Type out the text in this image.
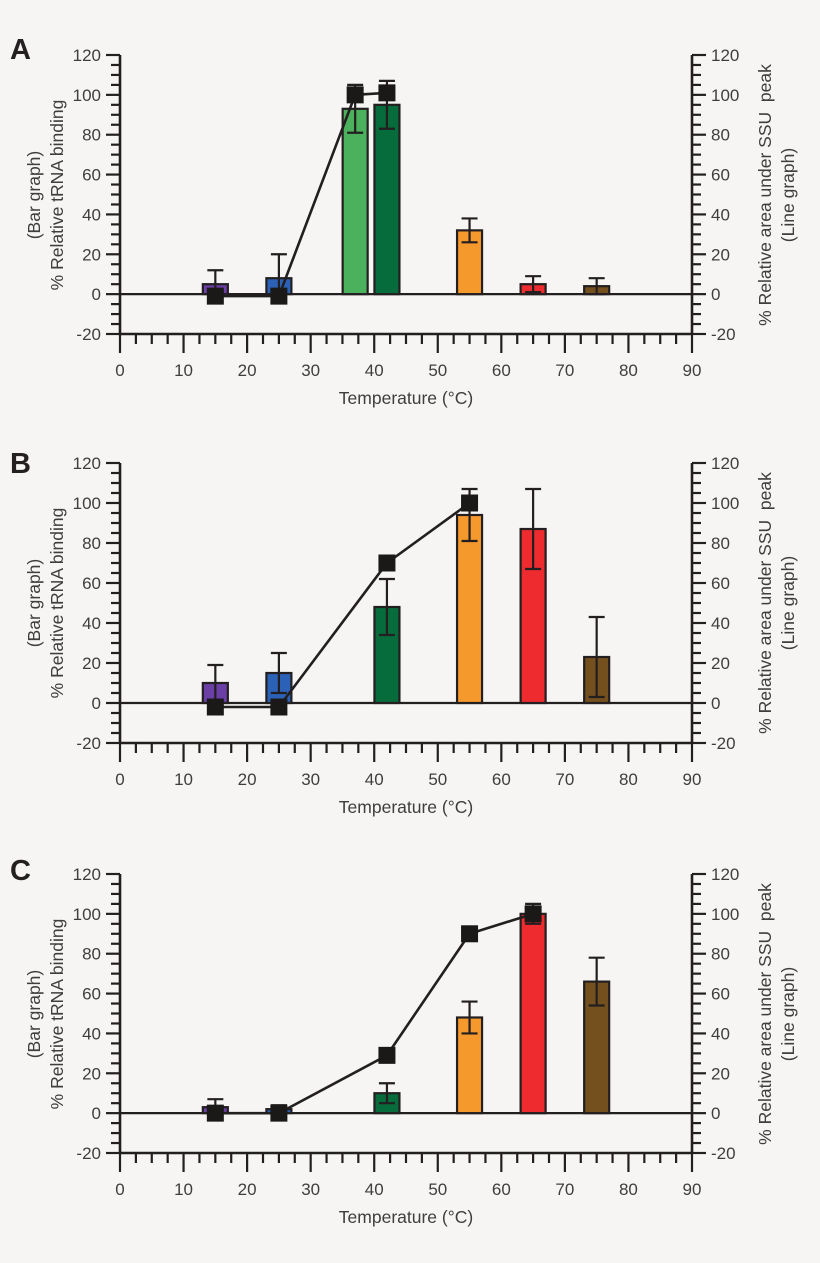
-20	-20
0	0
20	20
40	40
60	60
80	80
100	100
120	120
0	10	20	30	40	50	60	70	80	90
A
(Bar graph) % Relative tRNA binding	% Relative area under SSU  peak (Line graph)
Temperature (°C)
-20	-20
0	0
20	20
40	40
60	60
80	80
100	100
120	120
0	10	20	30	40	50	60	70	80	90
B
(Bar graph) % Relative tRNA binding	% Relative area under SSU  peak (Line graph)
Temperature (°C)
-20	-20
0	0
20	20
40	40
60	60
80	80
100	100
120	120
0	10	20	30	40	50	60	70	80	90
C
(Bar graph) % Relative tRNA binding	% Relative area under SSU  peak (Line graph)
Temperature (°C)
